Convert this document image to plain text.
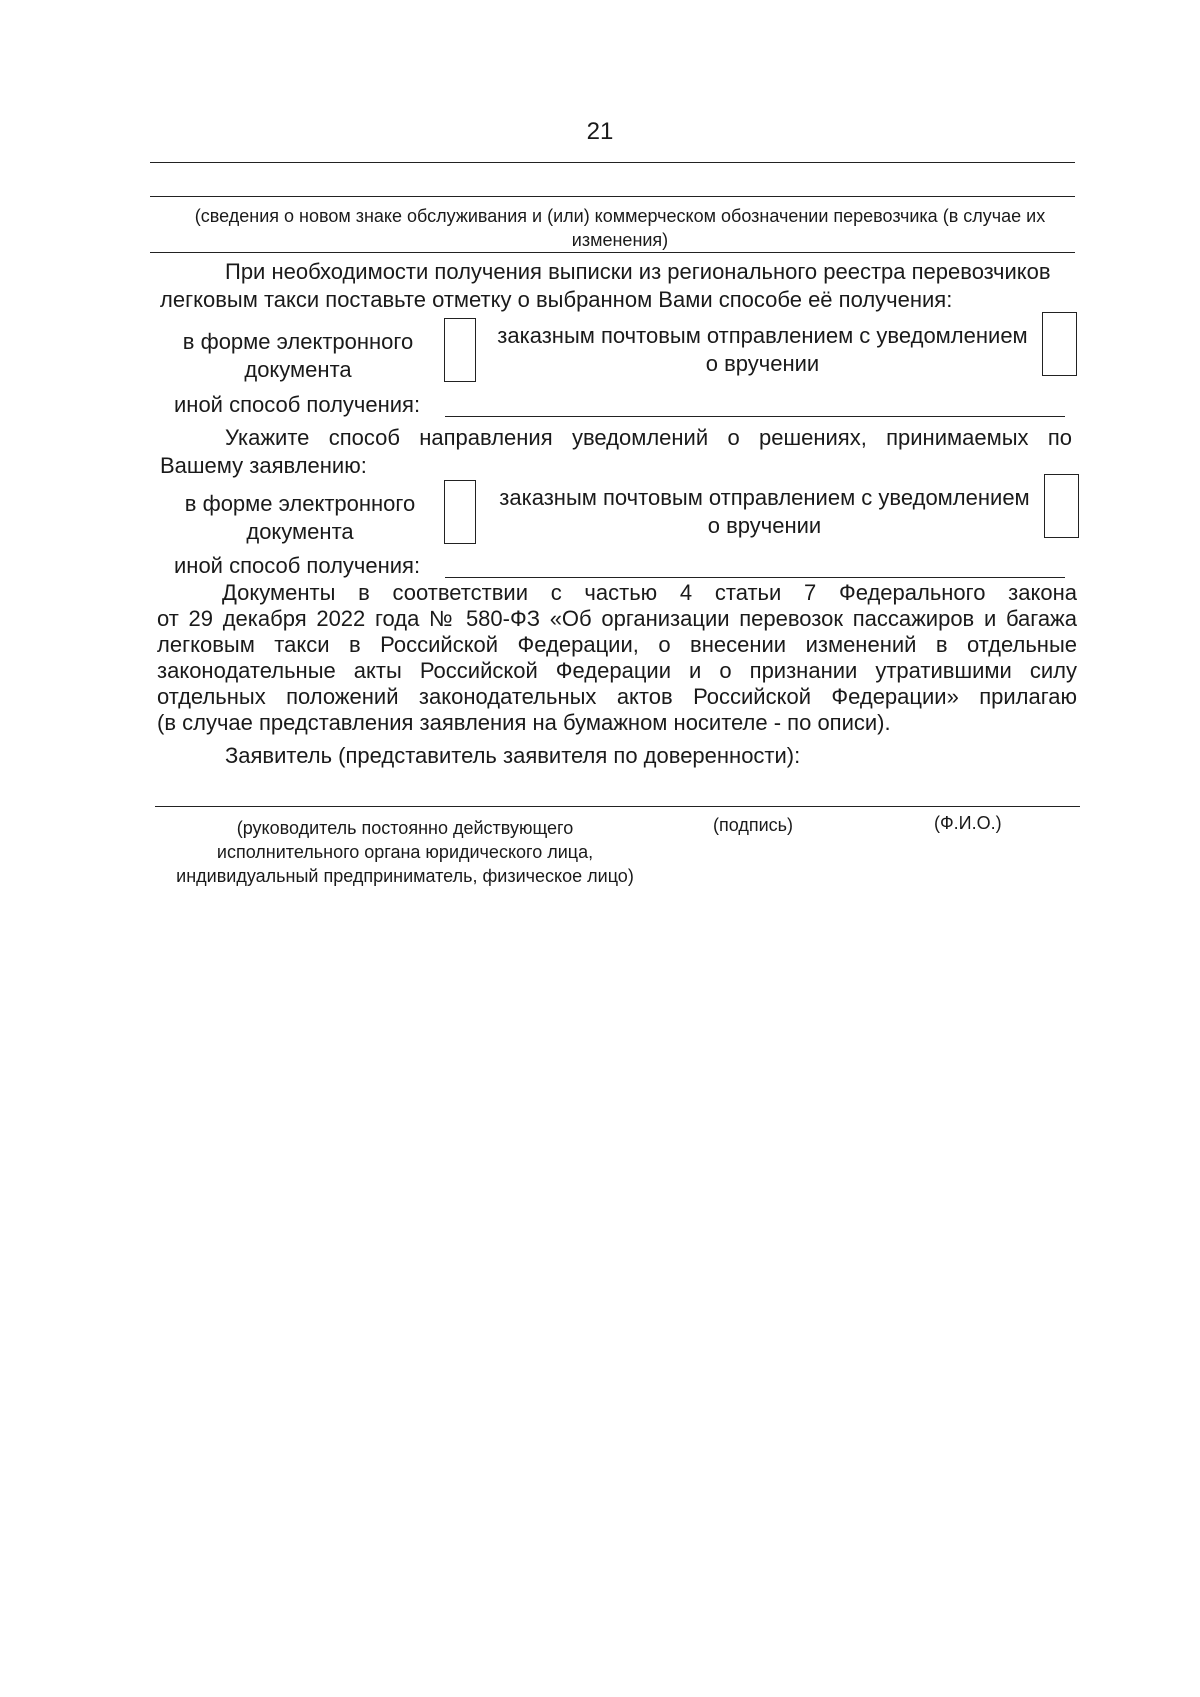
21
(сведения о новом знаке обслуживания и (или) коммерческом обозначении перевозчика (в случае их
изменения)
При необходимости получения выписки из регионального реестра перевозчиков
легковым такси поставьте отметку о выбранном Вами способе её получения:
в форме электронного
документа
заказным почтовым отправлением с уведомлением
о вручении
иной способ получения:
Укажите способ направления уведомлений о решениях, принимаемых по
Вашему заявлению:
в форме электронного
документа
заказным почтовым отправлением с уведомлением
о вручении
иной способ получения:
Документы в соответствии с частью 4 статьи 7 Федерального закона
от 29 декабря 2022 года № 580-ФЗ «Об организации перевозок пассажиров и багажа
легковым такси в Российской Федерации, о внесении изменений в отдельные
законодательные акты Российской Федерации и о признании утратившими силу
отдельных положений законодательных актов Российской Федерации» прилагаю
(в случае представления заявления на бумажном носителе - по описи).
Заявитель (представитель заявителя по доверенности):
(руководитель постоянно действующего
исполнительного органа юридического лица,
индивидуальный предприниматель, физическое лицо)
(подпись)	(Ф.И.О.)
